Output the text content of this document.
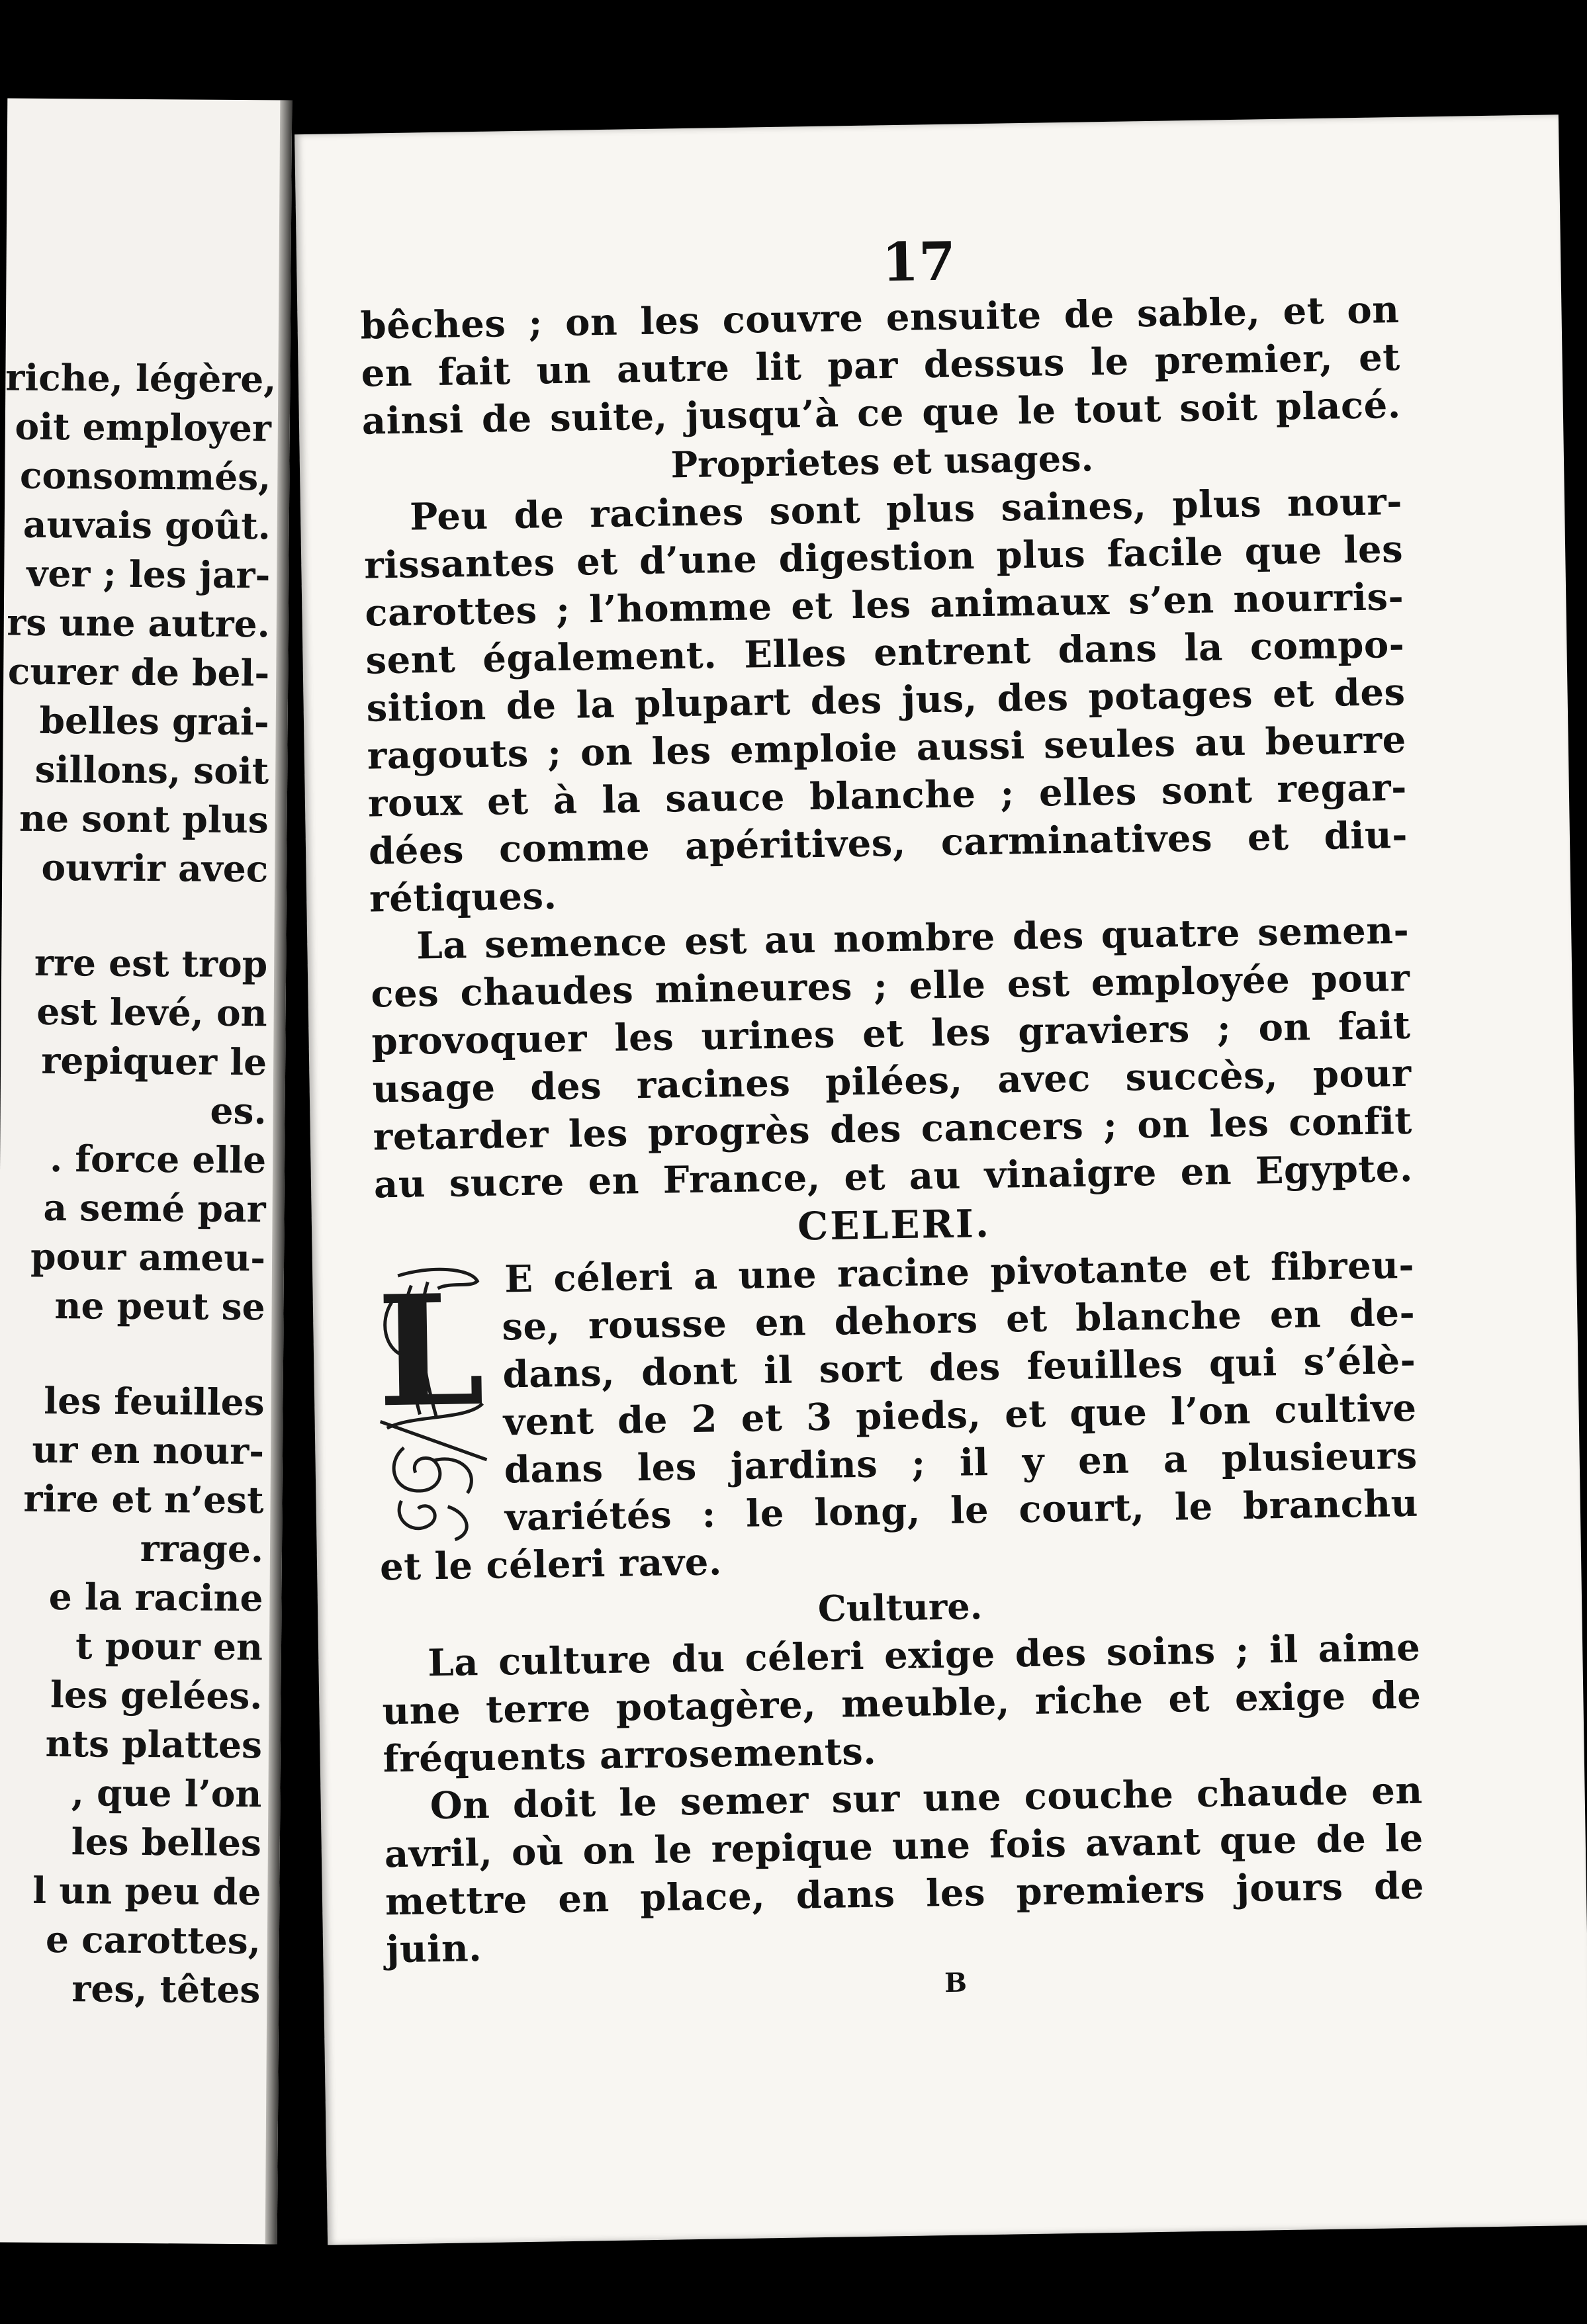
riche, légère,
oit employer
consommés,
auvais goût.
ver ; les jar-
rs une autre.
curer de bel-
belles grai-
sillons, soit
ne sont plus
ouvrir avec
rre est trop
est levé, on
repiquer le
es.
. force elle
a semé par
pour ameu-
ne peut se
les feuilles
ur en nour-
rire et n’est
rrage.
e la racine
t pour en
les gelées.
nts plattes
, que l’on
les belles
l un peu de
e carottes,
res, têtes
17
bêches ; on les couvre ensuite de sable, et on
en fait un autre lit par dessus le premier, et
ainsi de suite, jusqu’à ce que le tout soit placé.
Proprietes et usages.
Peu de racines sont plus saines, plus nour-
rissantes et d’une digestion plus facile que les
carottes ; l’homme et les animaux s’en nourris-
sent également. Elles entrent dans la compo-
sition de la plupart des jus, des potages et des
ragouts ; on les emploie aussi seules au beurre
roux et à la sauce blanche ; elles sont regar-
dées comme apéritives, carminatives et diu-
rétiques.
La semence est au nombre des quatre semen-
ces chaudes mineures ; elle est employée pour
provoquer les urines et les graviers ; on fait
usage des racines pilées, avec succès, pour
retarder les progrès des cancers ; on les confit
au sucre en France, et au vinaigre en Egypte.
CELERI.
L E céleri a une racine pivotante et fibreu-
se, rousse en dehors et blanche en de-
dans, dont il sort des feuilles qui s’élè-
vent de 2 et 3 pieds, et que l’on cultive
dans les jardins ; il y en a plusieurs
variétés : le long, le court, le branchu
et le céleri rave.
Culture.
La culture du céleri exige des soins ; il aime
une terre potagère, meuble, riche et exige de
fréquents arrosements.
On doit le semer sur une couche chaude en
avril, où on le repique une fois avant que de le
mettre en place, dans les premiers jours de
juin.
B
